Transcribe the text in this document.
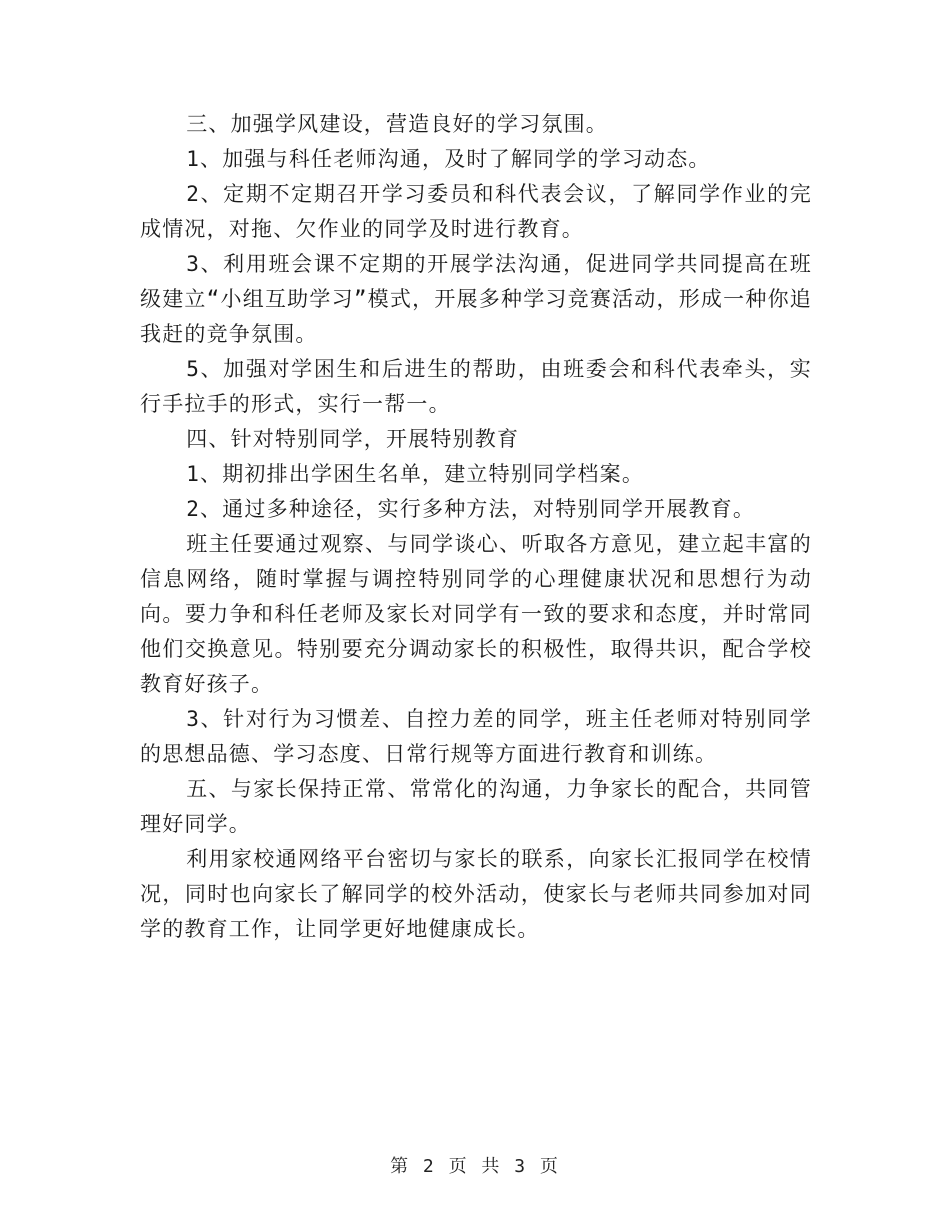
三、加强学风建设，营造良好的学习氛围。

1、加强与科任老师沟通，及时了解同学的学习动态。

2、定期不定期召开学习委员和科代表会议，了解同学作业的完成情况，对拖、欠作业的同学及时进行教育。

3、利用班会课不定期的开展学法沟通，促进同学共同提高在班级建立“小组互助学习”模式，开展多种学习竞赛活动，形成一种你追我赶的竞争氛围。

5、加强对学困生和后进生的帮助，由班委会和科代表牵头，实行手拉手的形式，实行一帮一。

四、针对特别同学，开展特别教育

1、期初排出学困生名单，建立特别同学档案。

2、通过多种途径，实行多种方法，对特别同学开展教育。

班主任要通过观察、与同学谈心、听取各方意见，建立起丰富的信息网络，随时掌握与调控特别同学的心理健康状况和思想行为动向。要力争和科任老师及家长对同学有一致的要求和态度，并时常同他们交换意见。特别要充分调动家长的积极性，取得共识，配合学校教育好孩子。

3、针对行为习惯差、自控力差的同学，班主任老师对特别同学的思想品德、学习态度、日常行规等方面进行教育和训练。

五、与家长保持正常、常常化的沟通，力争家长的配合，共同管理好同学。

利用家校通网络平台密切与家长的联系，向家长汇报同学在校情况，同时也向家长了解同学的校外活动，使家长与老师共同参加对同学的教育工作，让同学更好地健康成长。

第 2 页 共 3 页
